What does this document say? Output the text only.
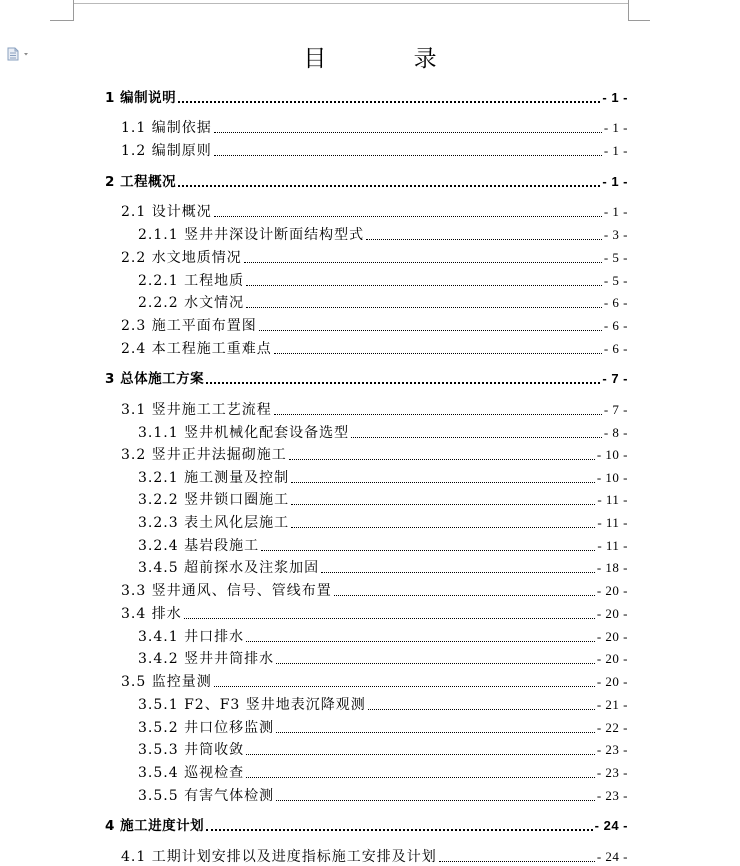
目 录
1 编制说明	- 1 -
1.1 编制依据	- 1 -
1.2 编制原则	- 1 -
2 工程概况	- 1 -
2.1 设计概况	- 1 -
2.1.1 竖井井深设计断面结构型式	- 3 -
2.2 水文地质情况	- 5 -
2.2.1 工程地质	- 5 -
2.2.2 水文情况	- 6 -
2.3 施工平面布置图	- 6 -
2.4 本工程施工重难点	- 6 -
3 总体施工方案	- 7 -
3.1 竖井施工工艺流程	- 7 -
3.1.1 竖井机械化配套设备选型	- 8 -
3.2 竖井正井法掘砌施工	- 10 -
3.2.1 施工测量及控制	- 10 -
3.2.2 竖井锁口圈施工	- 11 -
3.2.3 表土风化层施工	- 11 -
3.2.4 基岩段施工	- 11 -
3.4.5 超前探水及注浆加固	- 18 -
3.3 竖井通风、信号、管线布置	- 20 -
3.4 排水	- 20 -
3.4.1 井口排水	- 20 -
3.4.2 竖井井筒排水	- 20 -
3.5 监控量测	- 20 -
3.5.1 F2、F3 竖井地表沉降观测	- 21 -
3.5.2 井口位移监测	- 22 -
3.5.3 井筒收敛	- 23 -
3.5.4 巡视检查	- 23 -
3.5.5 有害气体检测	- 23 -
4 施工进度计划	- 24 -
4.1 工期计划安排以及进度指标施工安排及计划	- 24 -
